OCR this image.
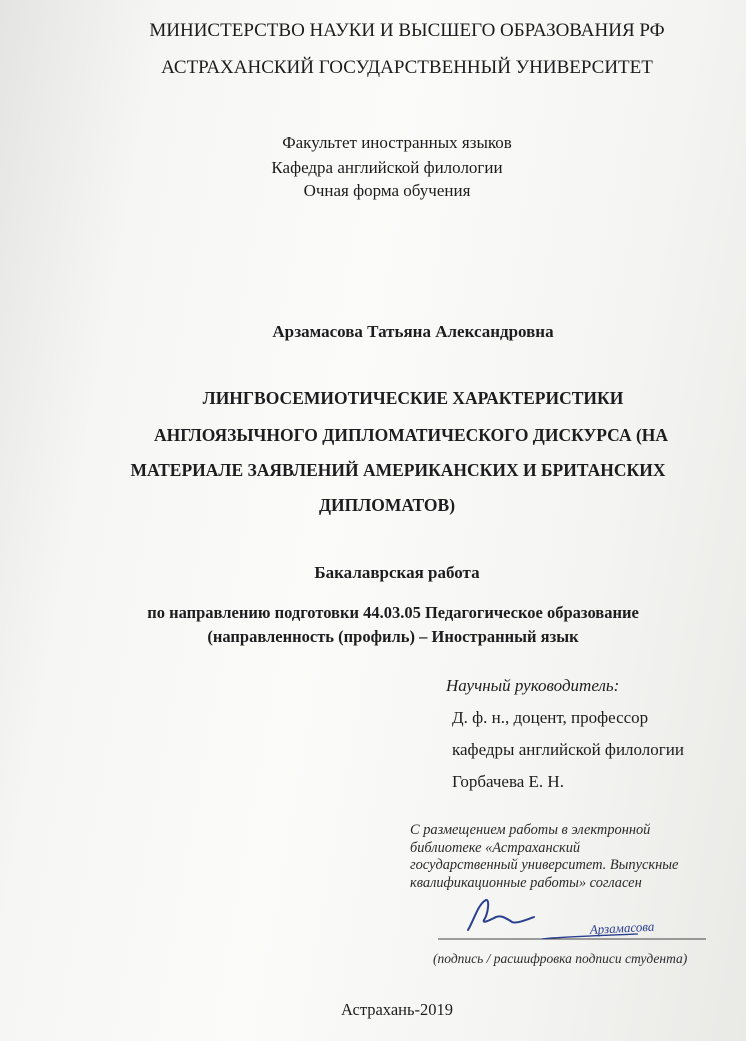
МИНИСТЕРСТВО НАУКИ И ВЫСШЕГО ОБРАЗОВАНИЯ РФ
АСТРАХАНСКИЙ ГОСУДАРСТВЕННЫЙ УНИВЕРСИТЕТ
Факультет иностранных языков
Кафедра английской филологии
Очная форма обучения
Арзамасова Татьяна Александровна
ЛИНГВОСЕМИОТИЧЕСКИЕ ХАРАКТЕРИСТИКИ
АНГЛОЯЗЫЧНОГО ДИПЛОМАТИЧЕСКОГО ДИСКУРСА (НА
МАТЕРИАЛЕ ЗАЯВЛЕНИЙ АМЕРИКАНСКИХ И БРИТАНСКИХ
ДИПЛОМАТОВ)
Бакалаврская работа
по направлению подготовки 44.03.05 Педагогическое образование
(направленность (профиль) – Иностранный язык
Научный руководитель:
Д. ф. н., доцент, профессор
кафедры английской филологии
Горбачева Е. Н.
С размещением работы в электронной
библиотеке «Астраханский
государственный университет. Выпускные
квалификационные работы» согласен
Арзамасова
(подпись / расшифровка подписи студента)
Астрахань-2019
